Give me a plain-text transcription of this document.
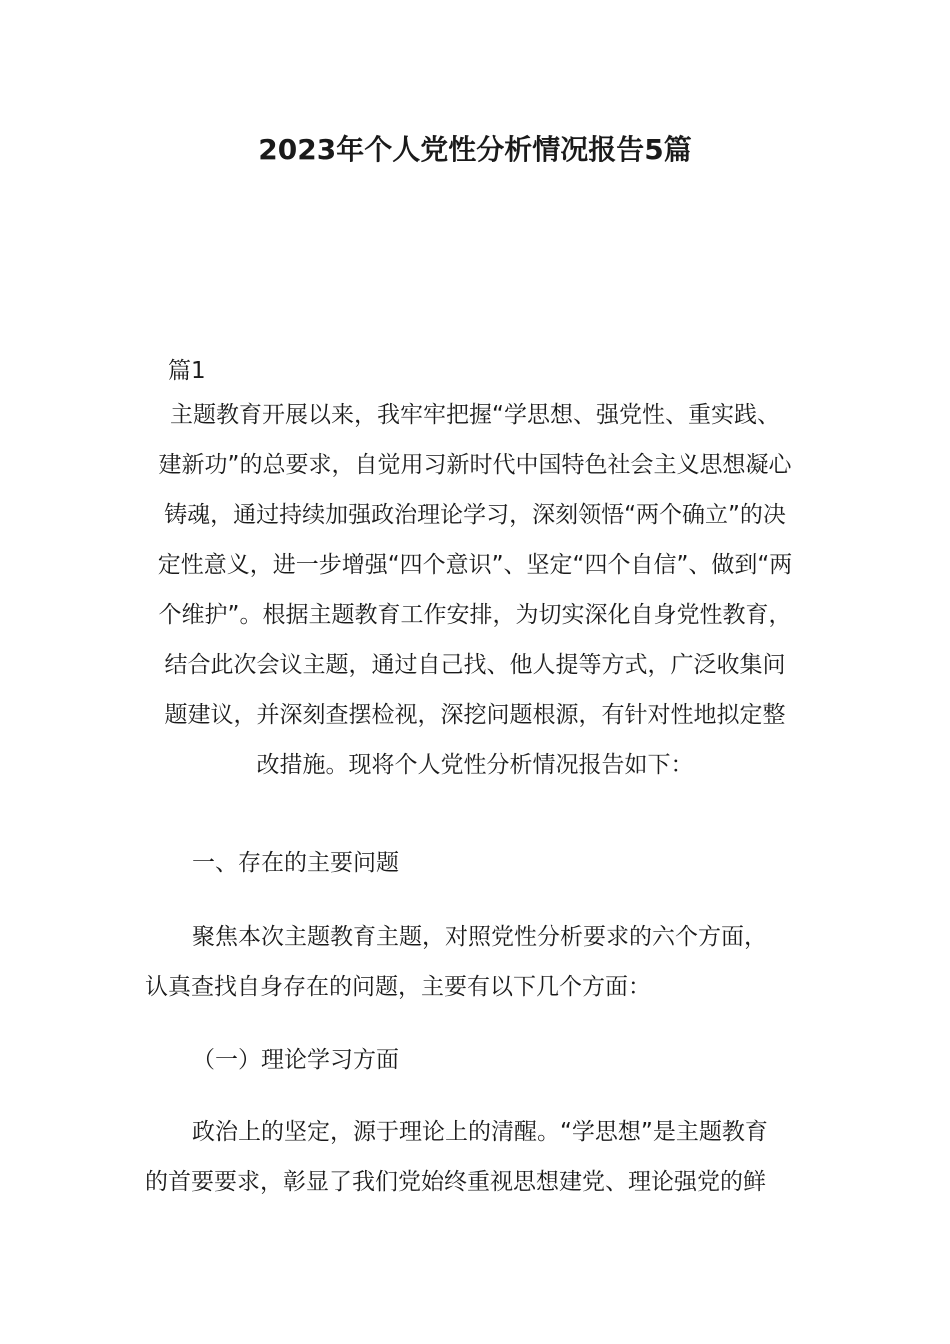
2023年个人党性分析情况报告5篇
篇1
主题教育开展以来，我牢牢把握“学思想、强党性、重实践、
建新功”的总要求，自觉用习新时代中国特色社会主义思想凝心
铸魂，通过持续加强政治理论学习，深刻领悟“两个确立”的决
定性意义，进一步增强“四个意识”、坚定“四个自信”、做到“两
个维护”。根据主题教育工作安排，为切实深化自身党性教育，
结合此次会议主题，通过自己找、他人提等方式，广泛收集问
题建议，并深刻查摆检视，深挖问题根源，有针对性地拟定整
改措施。现将个人党性分析情况报告如下：
一、存在的主要问题
聚焦本次主题教育主题，对照党性分析要求的六个方面，
认真查找自身存在的问题，主要有以下几个方面：
（一）理论学习方面
政治上的坚定，源于理论上的清醒。“学思想”是主题教育
的首要要求，彰显了我们党始终重视思想建党、理论强党的鲜
